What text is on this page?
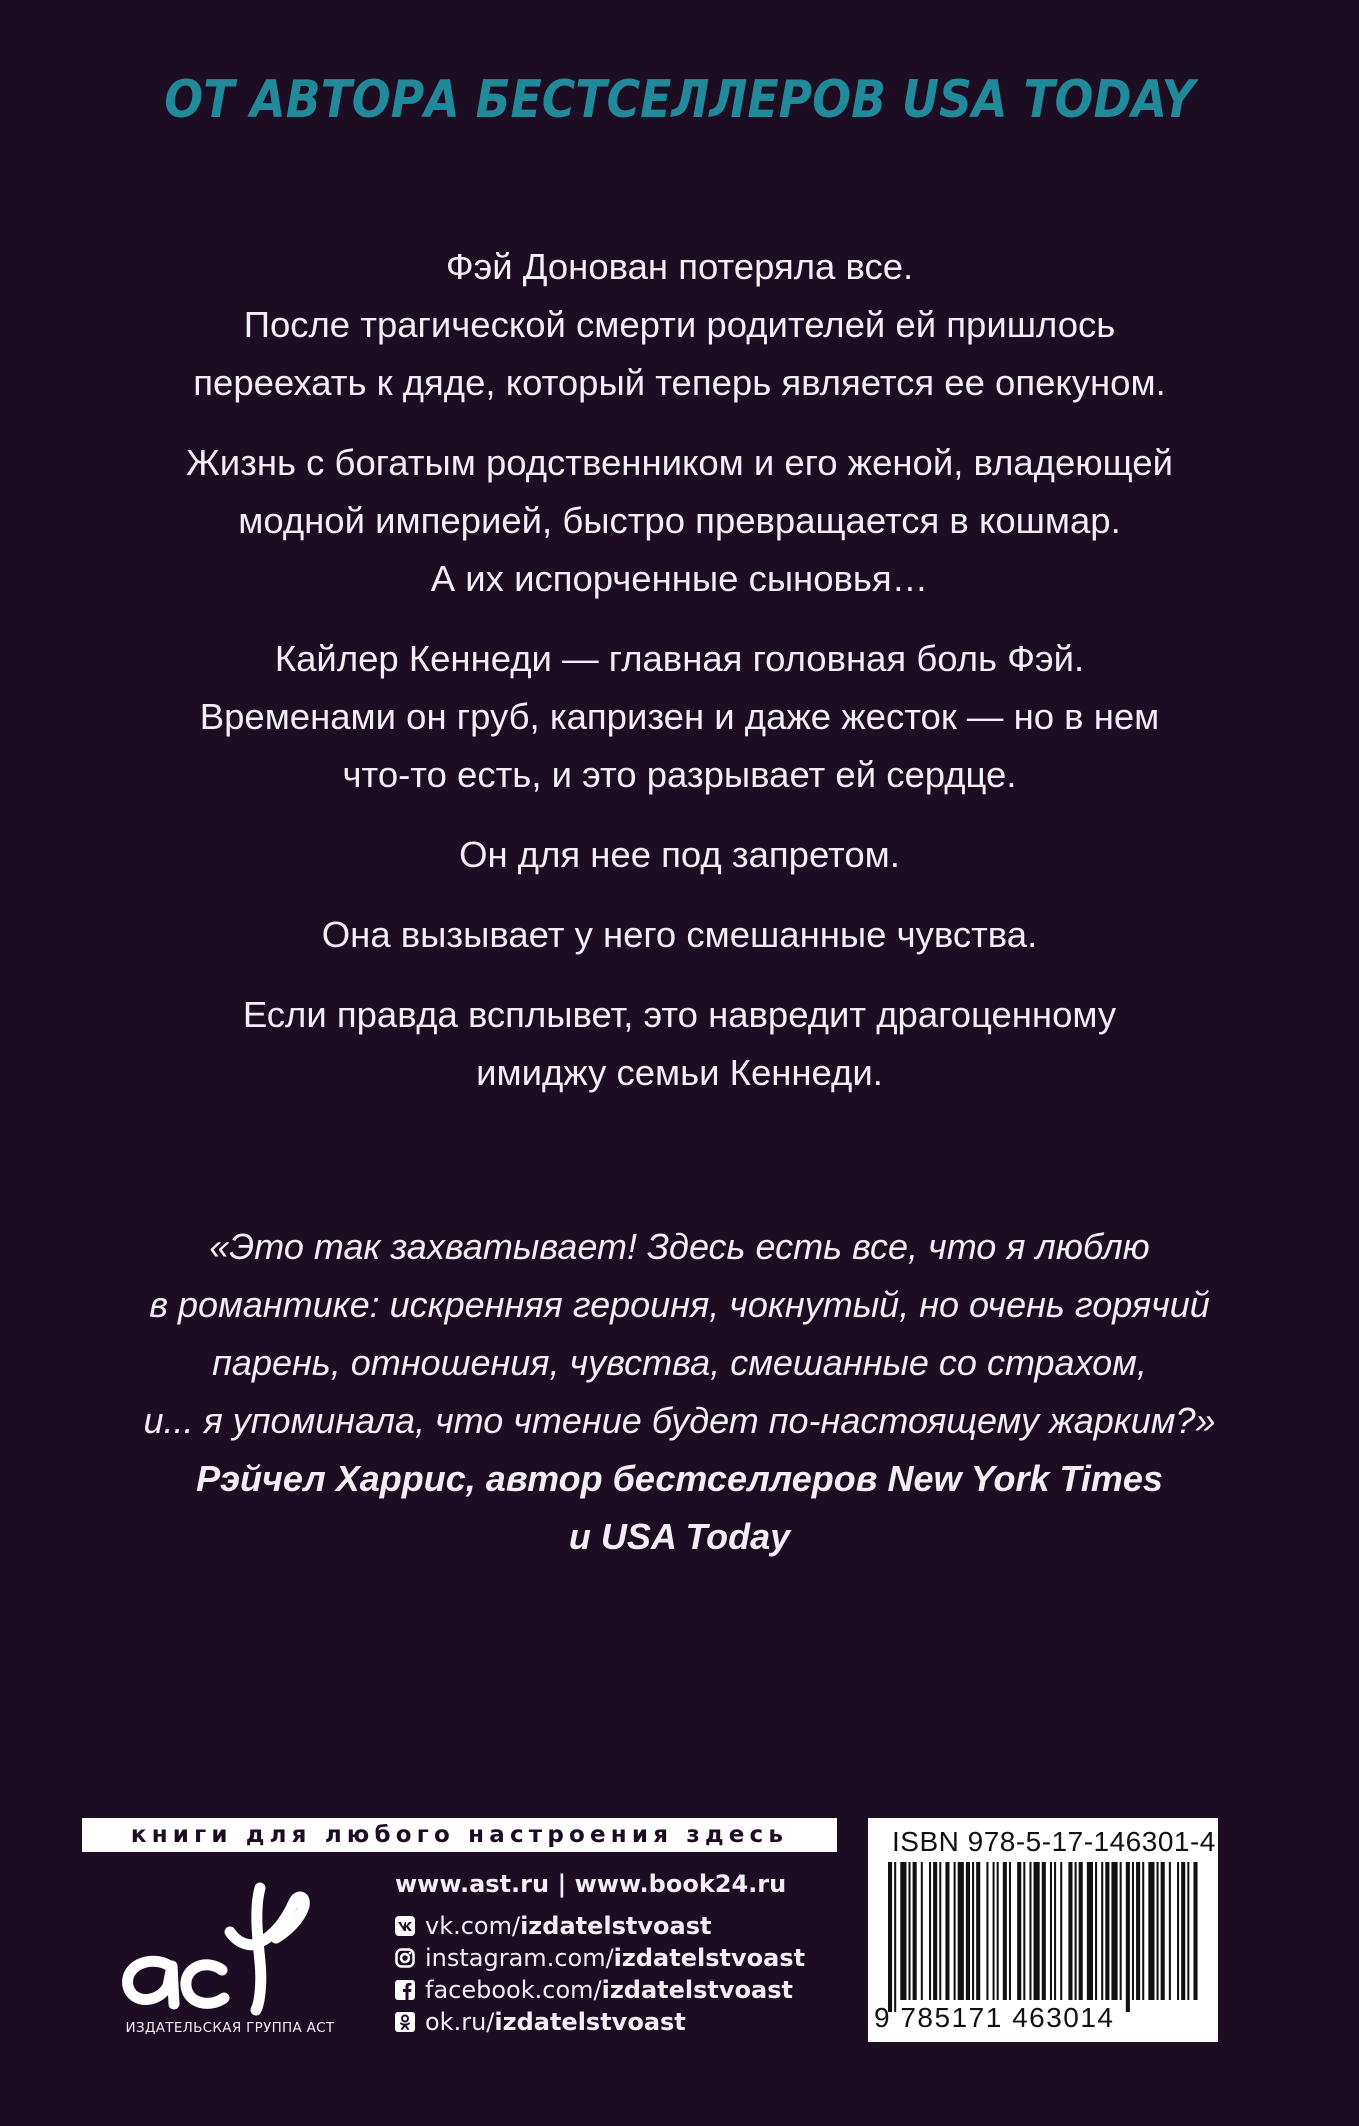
ОТ АВТОРА БЕСТСЕЛЛЕРОВ USA TODAY

Фэй Донован потеряла все.
После трагической смерти родителей ей пришлось
переехать к дяде, который теперь является ее опекуном.

Жизнь с богатым родственником и его женой, владеющей
модной империей, быстро превращается в кошмар.
А их испорченные сыновья…

Кайлер Кеннеди — главная головная боль Фэй.
Временами он груб, капризен и даже жесток — но в нем
что-то есть, и это разрывает ей сердце.

Он для нее под запретом.

Она вызывает у него смешанные чувства.

Если правда всплывет, это навредит драгоценному
имиджу семьи Кеннеди.

«Это так захватывает! Здесь есть все, что я люблю
в романтике: искренняя героиня, чокнутый, но очень горячий
парень, отношения, чувства, смешанные со страхом,
и... я упоминала, что чтение будет по-настоящему жарким?»
Рэйчел Харрис, автор бестселлеров New York Times
и USA Today
книги для любого настроения здесь
ИЗДАТЕЛЬСКАЯ ГРУППА АСТ
www.ast.ru | www.book24.ru
vk.com/ izdatelstvoast
instagram.com/ izdatelstvoast
facebook.com/ izdatelstvoast
ok.ru/ izdatelstvoast
ISBN 978-5-17-146301-4
9 785171 463014
